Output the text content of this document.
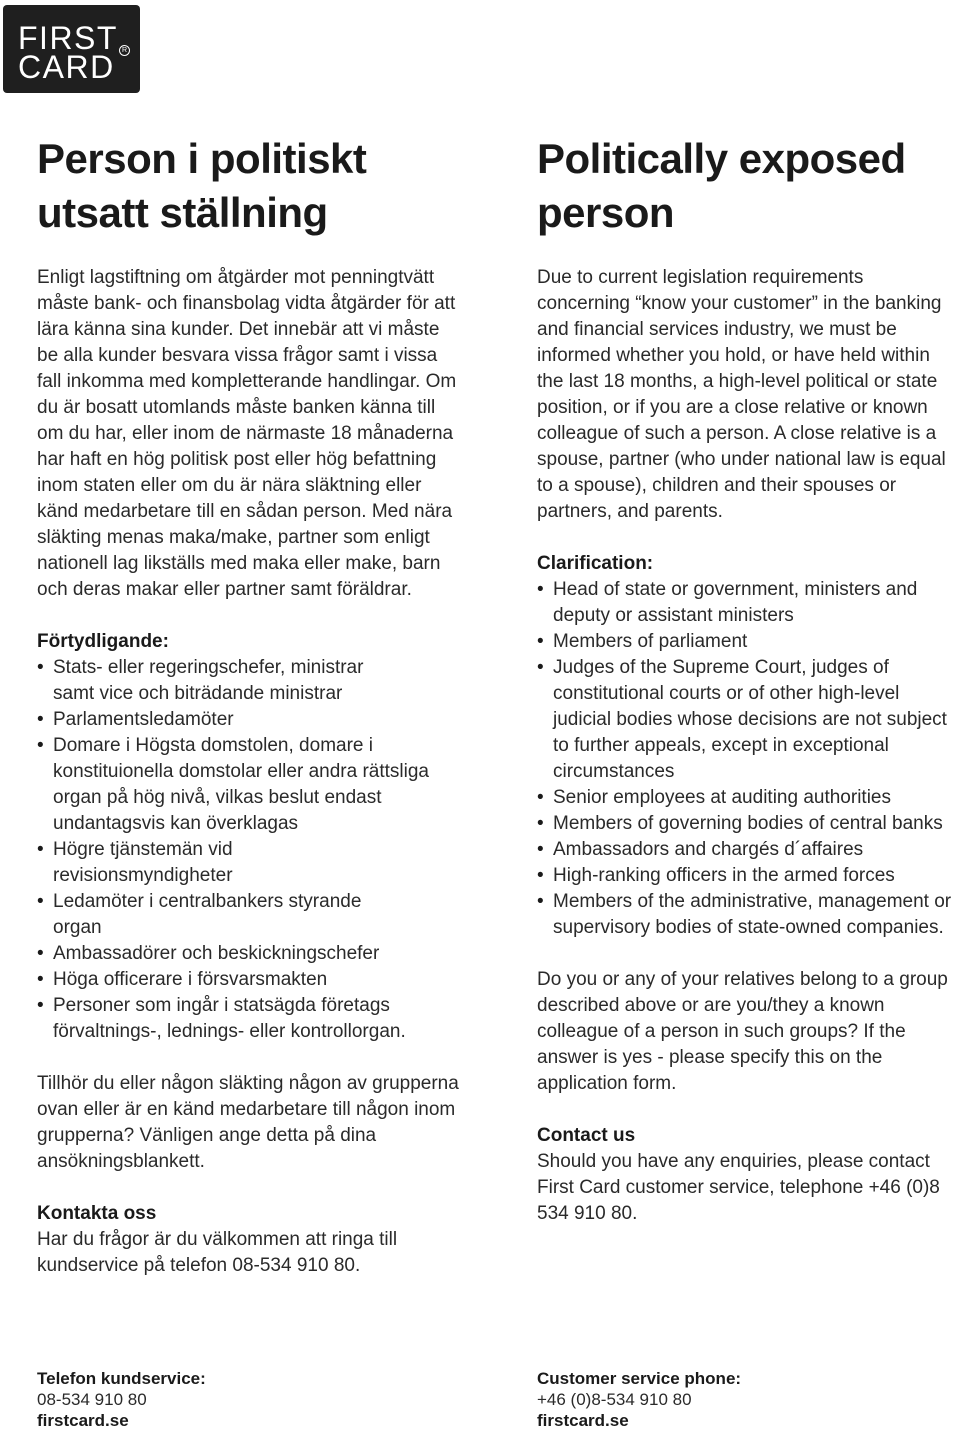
FIRST
CARD	R
Person i politiskt utsatt ställning

Enligt lagstiftning om åtgärder mot penningtvätt måste bank- och finansbolag vidta åtgärder för att lära känna sina kunder. Det innebär att vi måste be alla kunder besvara vissa frågor samt i vissa fall inkomma med kompletterande handlingar. Om du är bosatt utomlands måste banken känna till om du har, eller inom de närmaste 18 månaderna har haft en hög politisk post eller hög befattning inom staten eller om du är nära släktning eller känd medarbetare till en sådan person. Med nära släkting menas maka/make, partner som enligt nationell lag likställs med maka eller make, barn och deras makar eller partner samt föräldrar.

Förtydligande:
• Stats- eller regeringschefer, ministrar samt vice och biträdande ministrar
• Parlamentsledamöter
• Domare i Högsta domstolen, domare i konstituionella domstolar eller andra rättsliga organ på hög nivå, vilkas beslut endast undantagsvis kan överklagas
• Högre tjänstemän vid revisionsmyndigheter
• Ledamöter i centralbankers styrande organ
• Ambassadörer och beskickningschefer
• Höga officerare i försvarsmakten
• Personer som ingår i statsägda företags förvaltnings-, lednings- eller kontrollorgan.

Tillhör du eller någon släkting någon av grupperna ovan eller är en känd medarbetare till någon inom grupperna? Vänligen ange detta på dina ansökningsblankett.

Kontakta oss

Har du frågor är du välkommen att ringa till kundservice på telefon 08-534 910 80.

Telefon kundservice:
08-534 910 80
firstcard.se
Politically exposed person

Due to current legislation requirements concerning “know your customer” in the banking and financial services industry, we must be informed whether you hold, or have held within the last 18 months, a high-level political or state position, or if you are a close relative or known colleague of such a person. A close relative is a spouse, partner (who under national law is equal to a spouse), children and their spouses or partners, and parents.

Clarification:
• Head of state or government, ministers and deputy or assistant ministers
• Members of parliament
• Judges of the Supreme Court, judges of constitutional courts or of other high-level judicial bodies whose decisions are not subject to further appeals, except in exceptional circumstances
• Senior employees at auditing authorities
• Members of governing bodies of central banks
• Ambassadors and chargés d´affaires
• High-ranking officers in the armed forces
• Members of the administrative, management or supervisory bodies of state-owned companies.

Do you or any of your relatives belong to a group described above or are you/they a known colleague of a person in such groups? If the answer is yes - please specify this on the application form.

Contact us

Should you have any enquiries, please contact First Card customer service, telephone +46 (0)8 534 910 80.

Customer service phone:
+46 (0)8-534 910 80
firstcard.se
